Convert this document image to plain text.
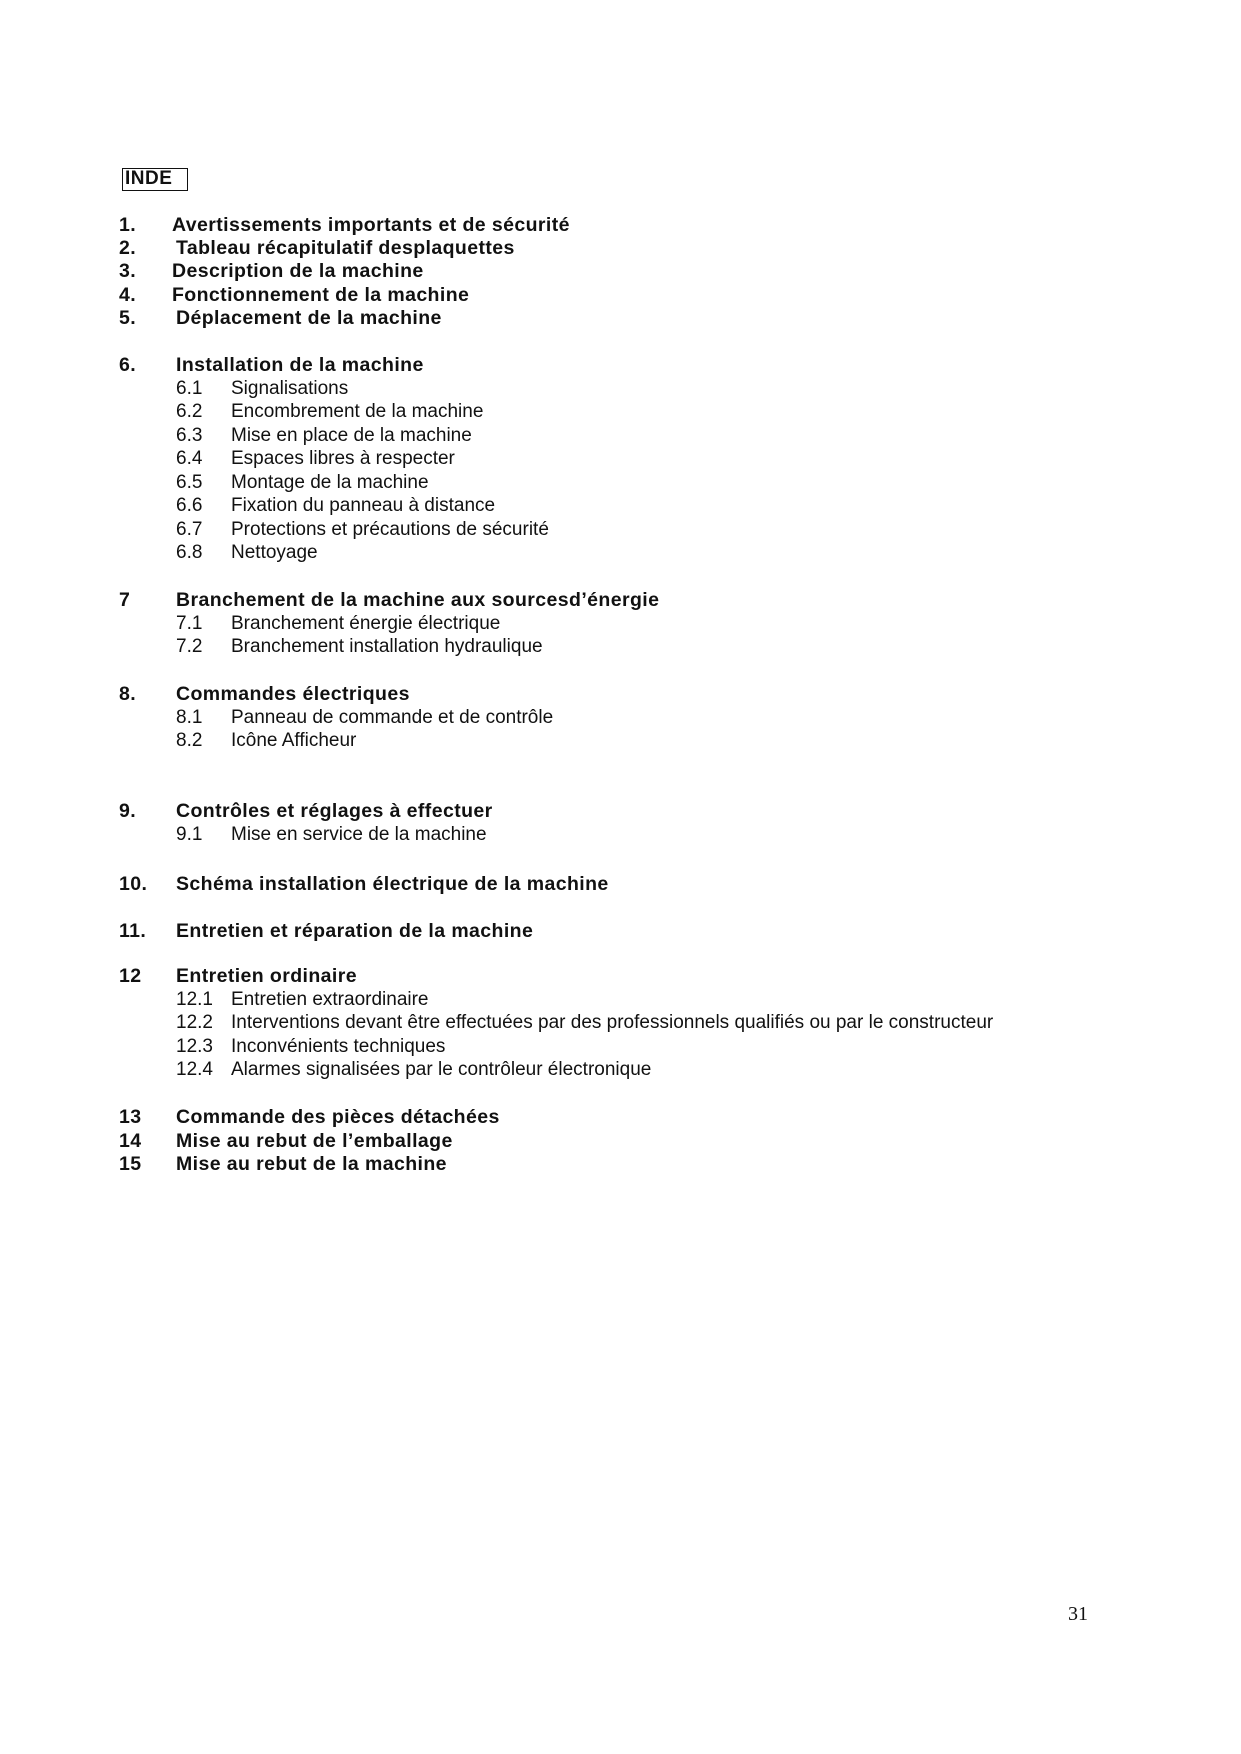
INDE
1. Avertissements importants et de sécurité
2. Tableau récapitulatif desplaquettes
3. Description de la machine
4. Fonctionnement de la machine
5. Déplacement de la machine
6. Installation de la machine
6.1 Signalisations
6.2 Encombrement de la machine
6.3 Mise en place de la machine
6.4 Espaces libres à respecter
6.5 Montage de la machine
6.6 Fixation du panneau à distance
6.7 Protections et précautions de sécurité
6.8 Nettoyage
7 Branchement de la machine aux sourcesd’énergie
7.1 Branchement énergie électrique
7.2 Branchement installation hydraulique
8. Commandes électriques
8.1 Panneau de commande et de contrôle
8.2 Icône Afficheur
9. Contrôles et réglages à effectuer
9.1 Mise en service de la machine
10. Schéma installation électrique de la machine
11. Entretien et réparation de la machine
12 Entretien ordinaire
12.1 Entretien extraordinaire
12.2 Interventions devant être effectuées par des professionnels qualifiés ou par le constructeur
12.3 Inconvénients techniques
12.4 Alarmes signalisées par le contrôleur électronique
13 Commande des pièces détachées
14 Mise au rebut de l’emballage
15 Mise au rebut de la machine
31
